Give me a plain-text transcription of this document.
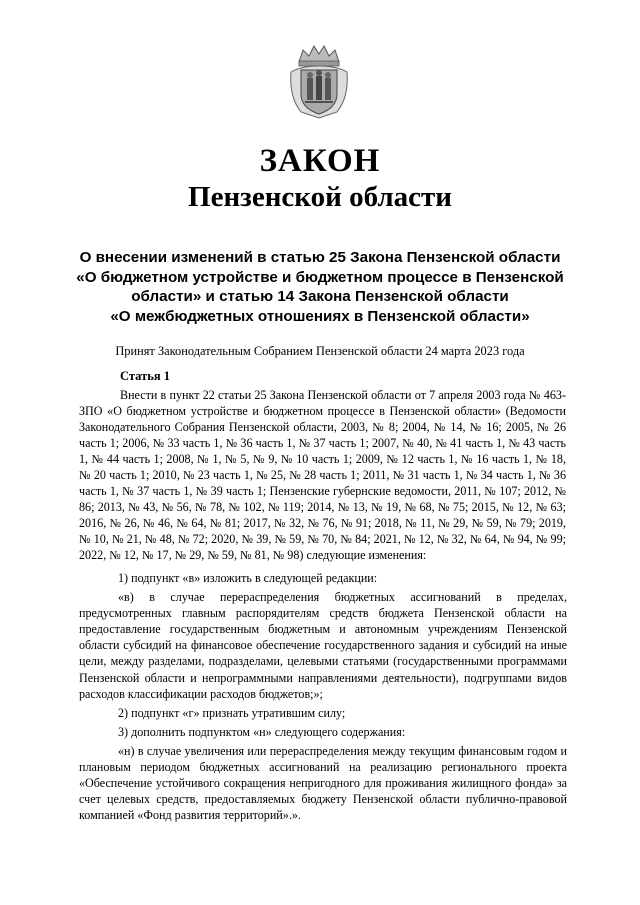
ЗАКОН
Пензенской области
О внесении изменений в статью 25 Закона Пензенской области
«О бюджетном устройстве и бюджетном процессе в Пензенской
области» и статью 14 Закона Пензенской области
«О межбюджетных отношениях в Пензенской области»
Принят Законодательным Собранием Пензенской области 24 марта 2023 года
Статья 1

Внести в пункт 22 статьи 25 Закона Пензенской области от 7 апреля 2003 года № 463-ЗПО «О бюджетном устройстве и бюджетном процессе в Пензенской области» (Ведомости Законодательного Собрания Пензенской области, 2003, № 8; 2004, № 14, № 16; 2005, № 26 часть 1; 2006, № 33 часть 1, № 36 часть 1, № 37 часть 1; 2007, № 40, № 41 часть 1, № 43 часть 1, № 44 часть 1; 2008, № 1, № 5, № 9, № 10 часть 1; 2009, № 12 часть 1, № 16 часть 1, № 18, № 20 часть 1; 2010, № 23 часть 1, № 25, № 28 часть 1; 2011, № 31 часть 1, № 34 часть 1, № 36 часть 1, № 37 часть 1, № 39 часть 1; Пензенские губернские ведомости, 2011, № 107; 2012, № 86; 2013, № 43, № 56, № 78, № 102, № 119; 2014, № 13, № 19, № 68, № 75; 2015, № 12, № 63; 2016, № 26, № 46, № 64, № 81; 2017, № 32, № 76, № 91; 2018, № 11, № 29, № 59, № 79; 2019, № 10, № 21, № 48, № 72; 2020, № 39, № 59, № 70, № 84; 2021, № 12, № 32, № 64, № 94, № 99; 2022, № 12, № 17, № 29, № 59, № 81, № 98) следующие изменения:

1) подпункт «в» изложить в следующей редакции:

«в) в случае перераспределения бюджетных ассигнований в пределах, предусмотренных главным распорядителям средств бюджета Пензенской области на предоставление государственным бюджетным и автономным учреждениям Пензенской области субсидий на финансовое обеспечение государственного задания и субсидий на иные цели, между разделами, подразделами, целевыми статьями (государственными программами Пензенской области и непрограммными направлениями деятельности), подгруппами видов расходов классификации расходов бюджетов;»;

2) подпункт «г» признать утратившим силу;

3) дополнить подпунктом «н» следующего содержания:

«н) в случае увеличения или перераспределения между текущим финансовым годом и плановым периодом бюджетных ассигнований на реализацию регионального проекта «Обеспечение устойчивого сокращения непригодного для проживания жилищного фонда» за счет целевых средств, предоставляемых бюджету Пензенской области публично-правовой компанией «Фонд развития территорий».».
